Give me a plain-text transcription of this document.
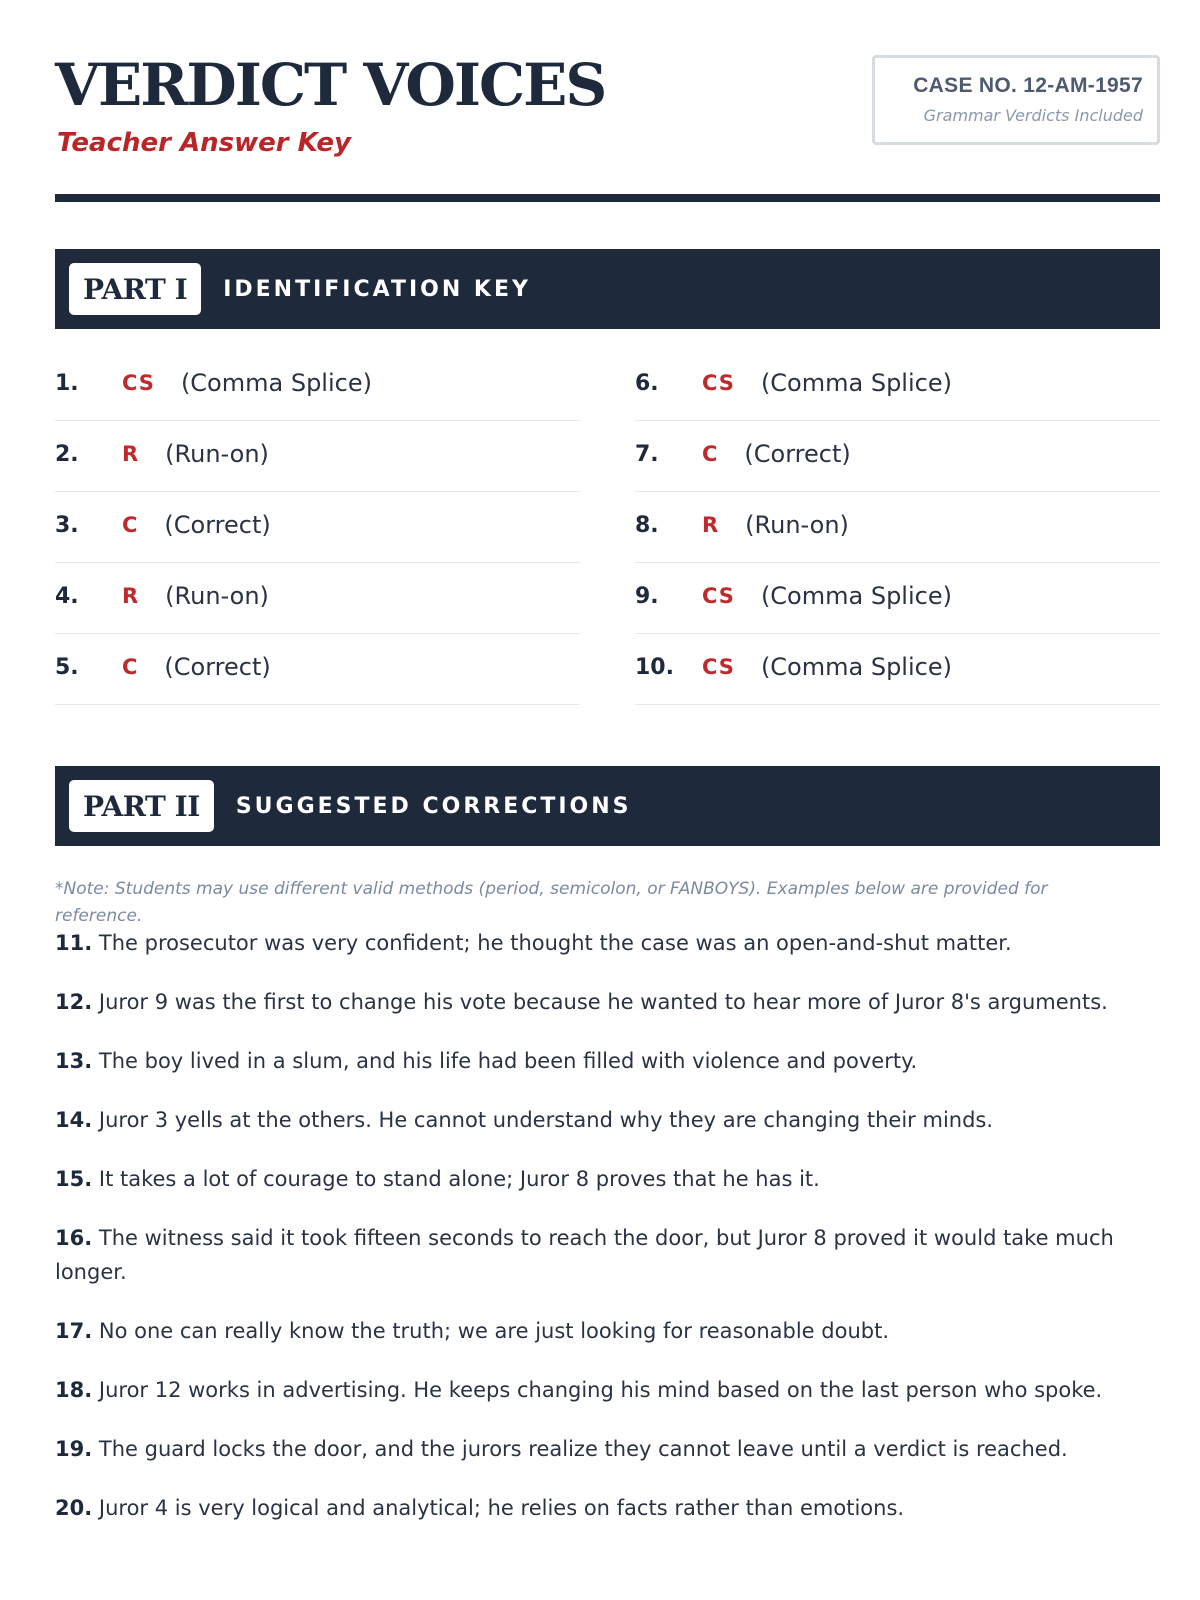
VERDICT VOICES
Teacher Answer Key
CASE NO. 12-AM-1957
Grammar Verdicts Included
PART I	IDENTIFICATION KEY
1.	CS (Comma Splice)
2.	R (Run-on)
3.	C (Correct)
4.	R (Run-on)
5.	C (Correct)
6.	CS (Comma Splice)
7.	C (Correct)
8.	R (Run-on)
9.	CS (Comma Splice)
10.	CS (Comma Splice)
PART II	SUGGESTED CORRECTIONS
*Note: Students may use different valid methods (period, semicolon, or FANBOYS). Examples below are provided for reference.
11. The prosecutor was very confident; he thought the case was an open-and-shut matter.
12. Juror 9 was the first to change his vote because he wanted to hear more of Juror 8's arguments.
13. The boy lived in a slum, and his life had been filled with violence and poverty.
14. Juror 3 yells at the others. He cannot understand why they are changing their minds.
15. It takes a lot of courage to stand alone; Juror 8 proves that he has it.
16. The witness said it took fifteen seconds to reach the door, but Juror 8 proved it would take much longer.
17. No one can really know the truth; we are just looking for reasonable doubt.
18. Juror 12 works in advertising. He keeps changing his mind based on the last person who spoke.
19. The guard locks the door, and the jurors realize they cannot leave until a verdict is reached.
20. Juror 4 is very logical and analytical; he relies on facts rather than emotions.
